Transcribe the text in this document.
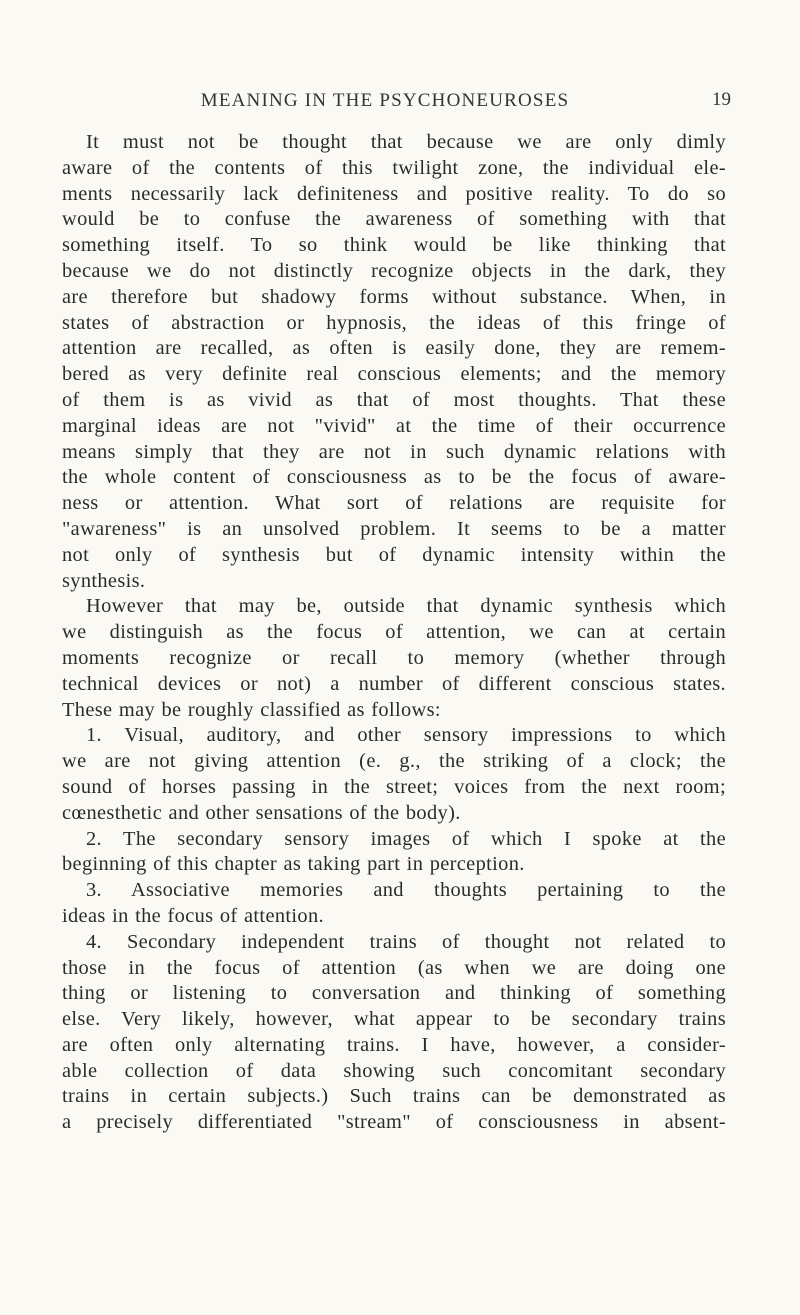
MEANING IN THE PSYCHONEUROSES	19
It must not be thought that because we are only dimly
aware of the contents of this twilight zone, the individual ele-
ments necessarily lack definiteness and positive reality. To do so
would be to confuse the awareness of something with that
something itself. To so think would be like thinking that
because we do not distinctly recognize objects in the dark, they
are therefore but shadowy forms without substance. When, in
states of abstraction or hypnosis, the ideas of this fringe of
attention are recalled, as often is easily done, they are remem-
bered as very definite real conscious elements; and the memory
of them is as vivid as that of most thoughts. That these
marginal ideas are not "vivid" at the time of their occurrence
means simply that they are not in such dynamic relations with
the whole content of consciousness as to be the focus of aware-
ness or attention. What sort of relations are requisite for
"awareness" is an unsolved problem. It seems to be a matter
not only of synthesis but of dynamic intensity within the
synthesis.
However that may be, outside that dynamic synthesis which
we distinguish as the focus of attention, we can at certain
moments recognize or recall to memory (whether through
technical devices or not) a number of different conscious states.
These may be roughly classified as follows:
1. Visual, auditory, and other sensory impressions to which
we are not giving attention (e. g., the striking of a clock; the
sound of horses passing in the street; voices from the next room;
cœnesthetic and other sensations of the body).
2. The secondary sensory images of which I spoke at the
beginning of this chapter as taking part in perception.
3. Associative memories and thoughts pertaining to the
ideas in the focus of attention.
4. Secondary independent trains of thought not related to
those in the focus of attention (as when we are doing one
thing or listening to conversation and thinking of something
else. Very likely, however, what appear to be secondary trains
are often only alternating trains. I have, however, a consider-
able collection of data showing such concomitant secondary
trains in certain subjects.) Such trains can be demonstrated as
a precisely differentiated "stream" of consciousness in absent-
